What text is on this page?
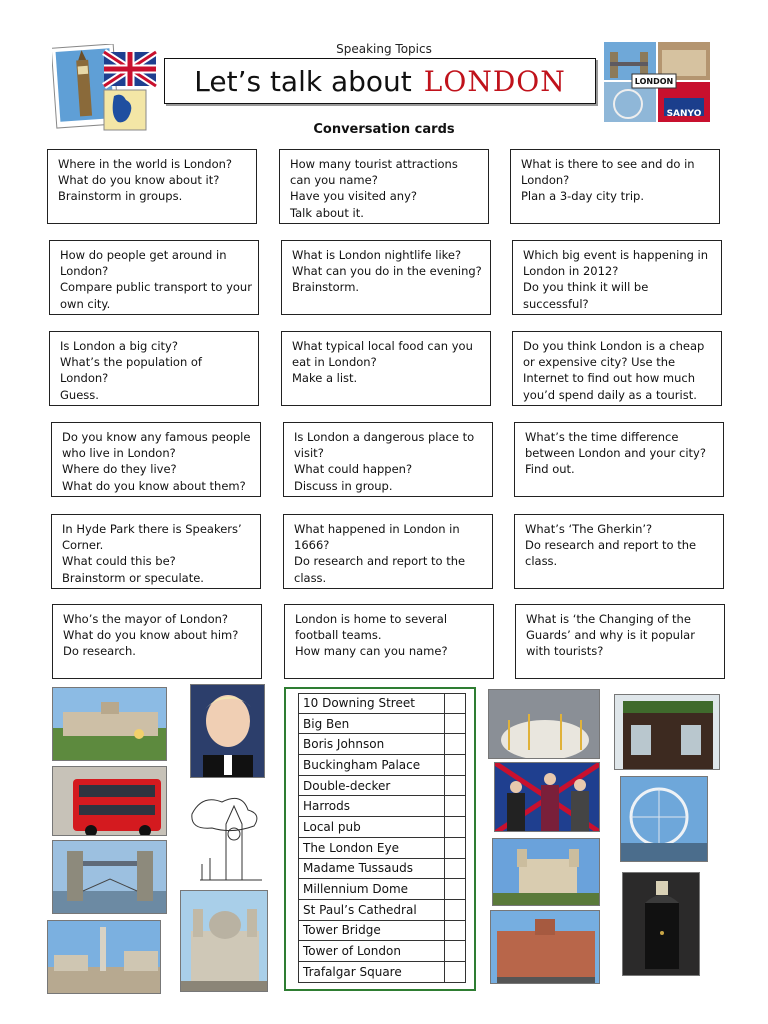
Speaking Topics
Let’s talk about LONDON	LONDON
SANYO
Conversation cards
Where in the world is London?
What do you know about it?
Brainstorm in groups.
How many tourist attractions
can you name?
Have you visited any?
Talk about it.
What is there to see and do in
London?
Plan a 3-day city trip.
How do people get around in
London?
Compare public transport to your
own city.
What is London nightlife like?
What can you do in the evening?
Brainstorm.
Which big event is happening in
London in 2012?
Do you think it will be
successful?
Is London a big city?
What’s the population of
London?
Guess.
What typical local food can you
eat in London?
Make a list.
Do you think London is a cheap
or expensive city? Use the
Internet to find out how much
you’d spend daily as a tourist.
Do you know any famous people
who live in London?
Where do they live?
What do you know about them?
Is London a dangerous place to
visit?
What could happen?
Discuss in group.
What’s the time difference
between London and your city?
Find out.
In Hyde Park there is Speakers’
Corner.
What could this be?
Brainstorm or speculate.
What happened in London in
1666?
Do research and report to the
class.
What’s ‘The Gherkin’?
Do research and report to the
class.
Who’s the mayor of London?
What do you know about him?
Do research.
London is home to several
football teams.
How many can you name?
What is ‘the Changing of the
Guards’ and why is it popular
with tourists?
10 Downing Street
Big Ben
Boris Johnson
Buckingham Palace
Double-decker
Harrods
Local pub
The London Eye
Madame Tussauds
Millennium Dome
St Paul’s Cathedral
Tower Bridge
Tower of London
Trafalgar Square
